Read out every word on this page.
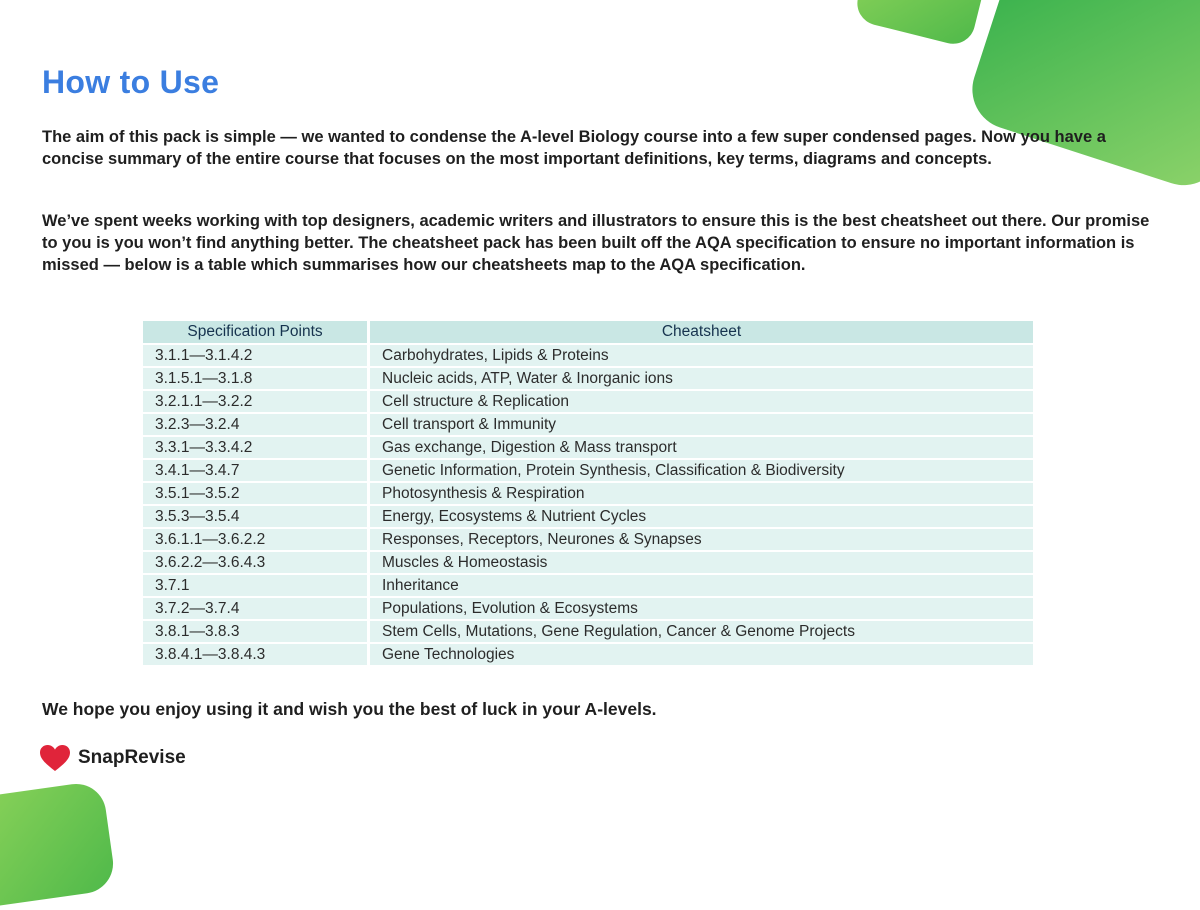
How to Use

The aim of this pack is simple — we wanted to condense the A-level Biology course into a few super condensed pages. Now you have a concise summary of the entire course that focuses on the most important definitions, key terms, diagrams and concepts.

We’ve spent weeks working with top designers, academic writers and illustrators to ensure this is the best cheatsheet out there. Our promise to you is you won’t find anything better. The cheatsheet pack has been built off the AQA specification to ensure no important information is missed — below is a table which summarises how our cheatsheets map to the AQA specification.

Specification Points	Cheatsheet
3.1.1—3.1.4.2	Carbohydrates, Lipids & Proteins
3.1.5.1—3.1.8	Nucleic acids, ATP, Water & Inorganic ions
3.2.1.1—3.2.2	Cell structure & Replication
3.2.3—3.2.4	Cell transport & Immunity
3.3.1—3.3.4.2	Gas exchange, Digestion & Mass transport
3.4.1—3.4.7	Genetic Information, Protein Synthesis, Classification & Biodiversity
3.5.1—3.5.2	Photosynthesis & Respiration
3.5.3—3.5.4	Energy, Ecosystems & Nutrient Cycles
3.6.1.1—3.6.2.2	Responses, Receptors, Neurones & Synapses
3.6.2.2—3.6.4.3	Muscles & Homeostasis
3.7.1	Inheritance
3.7.2—3.7.4	Populations, Evolution & Ecosystems
3.8.1—3.8.3	Stem Cells, Mutations, Gene Regulation, Cancer & Genome Projects
3.8.4.1—3.8.4.3	Gene Technologies

We hope you enjoy using it and wish you the best of luck in your A-levels.

SnapRevise
